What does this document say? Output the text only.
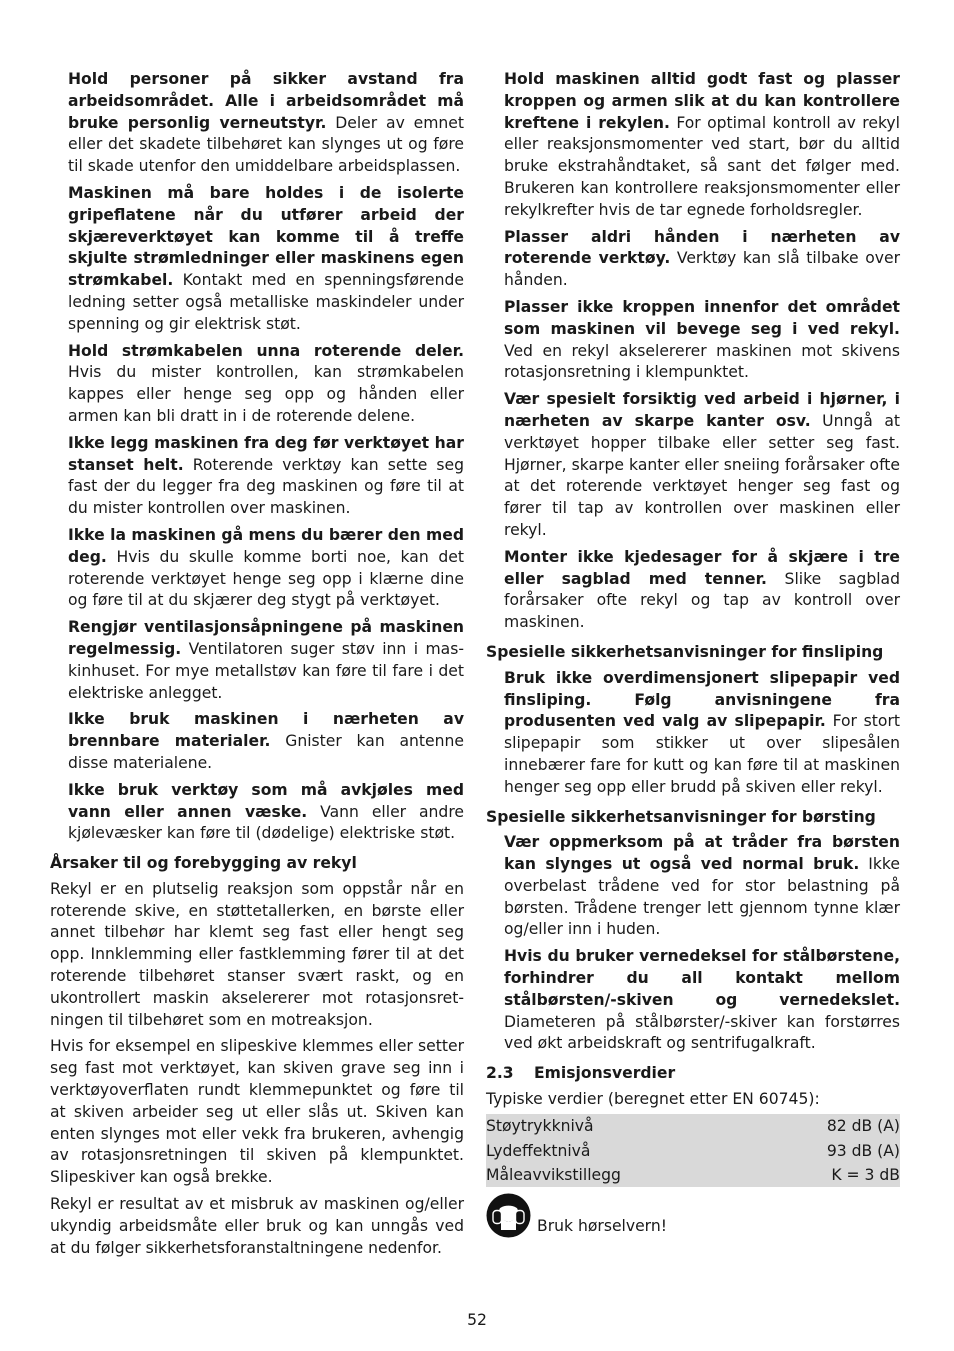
Hold personer på sikker avstand fra arbeidsområdet. Alle i arbeidsområdet må bruke personlig verneutstyr. Deler av emnet eller det skadete tilbehøret kan slynges ut og føre til skade utenfor den umiddelbare arbeidsplassen.

Maskinen må bare holdes i de isolerte gripeflatene når du utfører arbeid der skjæreverktøyet kan komme til å treffe skjulte strømledninger eller maskinens egen strømkabel. Kontakt med en spenningsførende ledning setter også metalliske maskindeler under spenning og gir elektrisk støt.

Hold strømkabelen unna roterende deler. Hvis du mister kontrollen, kan strømkabelen kappes eller henge seg opp og hånden eller armen kan bli dratt in i de roterende delene.

Ikke legg maskinen fra deg før verktøyet har stanset helt. Roterende verktøy kan sette seg fast der du legger fra deg maskinen og føre til at du mister kontrollen over maskinen.

Ikke la maskinen gå mens du bærer den med deg. Hvis du skulle komme borti noe, kan det roterende verktøyet henge seg opp i klærne dine og føre til at du skjærer deg stygt på verktøyet.

Rengjør ventilasjonsåpningene på maskinen regelmessig. Ventilatoren suger støv inn i maskinhuset. For mye metallstøv kan føre til fare i det elektriske anlegget.

Ikke bruk maskinen i nærheten av brennbare materialer. Gnister kan antenne disse materialene.

Ikke bruk verktøy som må avkjøles med vann eller annen væske. Vann eller andre kjølevæsker kan føre til (dødelige) elektriske støt.

Årsaker til og forebygging av rekyl

Rekyl er en plutselig reaksjon som oppstår når en roterende skive, en støttetallerken, en børste eller annet tilbehør har klemt seg fast eller hengt seg opp. Innklemming eller fastklemming fører til at det roterende tilbehøret stanser svært raskt, og en ukontrollert maskin akselererer mot rotasjonsretningen til tilbehøret som en motreaksjon.

Hvis for eksempel en slipeskive klemmes eller setter seg fast mot verktøyet, kan skiven grave seg inn i verktøyoverflaten rundt klemmepunktet og føre til at skiven arbeider seg ut eller slås ut. Skiven kan enten slynges mot eller vekk fra brukeren, avhengig av rotasjonsretningen til skiven på klempunktet. Slipeskiver kan også brekke.

Rekyl er resultat av et misbruk av maskinen og/eller ukyndig arbeidsmåte eller bruk og kan unngås ved at du følger sikkerhetsforanstaltningene nedenfor.

Hold maskinen alltid godt fast og plasser kroppen og armen slik at du kan kontrollere kreftene i rekylen. For optimal kontroll av rekyl eller reaksjonsmomenter ved start, bør du alltid bruke ekstrahåndtaket, så sant det følger med. Brukeren kan kontrollere reaksjonsmomenter eller rekylkrefter hvis de tar egnede forholdsregler.

Plasser aldri hånden i nærheten av roterende verktøy. Verktøy kan slå tilbake over hånden.

Plasser ikke kroppen innenfor det området som maskinen vil bevege seg i ved rekyl. Ved en rekyl akselererer maskinen mot skivens rotasjonsretning i klempunktet.

Vær spesielt forsiktig ved arbeid i hjørner, i nærheten av skarpe kanter osv. Unngå at verktøyet hopper tilbake eller setter seg fast. Hjørner, skarpe kanter eller sneiing forårsaker ofte at det roterende verktøyet henger seg fast og fører til tap av kontrollen over maskinen eller rekyl.

Monter ikke kjedesager for å skjære i tre eller sagblad med tenner. Slike sagblad forårsaker ofte rekyl og tap av kontroll over maskinen.

Spesielle sikkerhetsanvisninger for finsliping

Bruk ikke overdimensjonert slipepapir ved finsliping. Følg anvisningene fra produsenten ved valg av slipepapir. For stort slipepapir som stikker ut over slipesålen innebærer fare for kutt og kan føre til at maskinen henger seg opp eller brudd på skiven eller rekyl.

Spesielle sikkerhetsanvisninger for børsting

Vær oppmerksom på at tråder fra børsten kan slynges ut også ved normal bruk. Ikke overbelast trådene ved for stor belastning på børsten. Trådene trenger lett gjennom tynne klær og/eller inn i huden.

Hvis du bruker vernedeksel for stålbørstene, forhindrer du all kontakt mellom stålbørsten/-skiven og vernedekslet. Diameteren på stålbørster/-skiver kan forstørres ved økt arbeidskraft og sentrifugalkraft.

2.3 Emisjonsverdier

Typiske verdier (beregnet etter EN 60745):

Støytrykknivå	82 dB (A)
Lydeffektnivå	93 dB (A)
Måleavvikstillegg	K = 3 dB
Bruk hørselvern!
52
